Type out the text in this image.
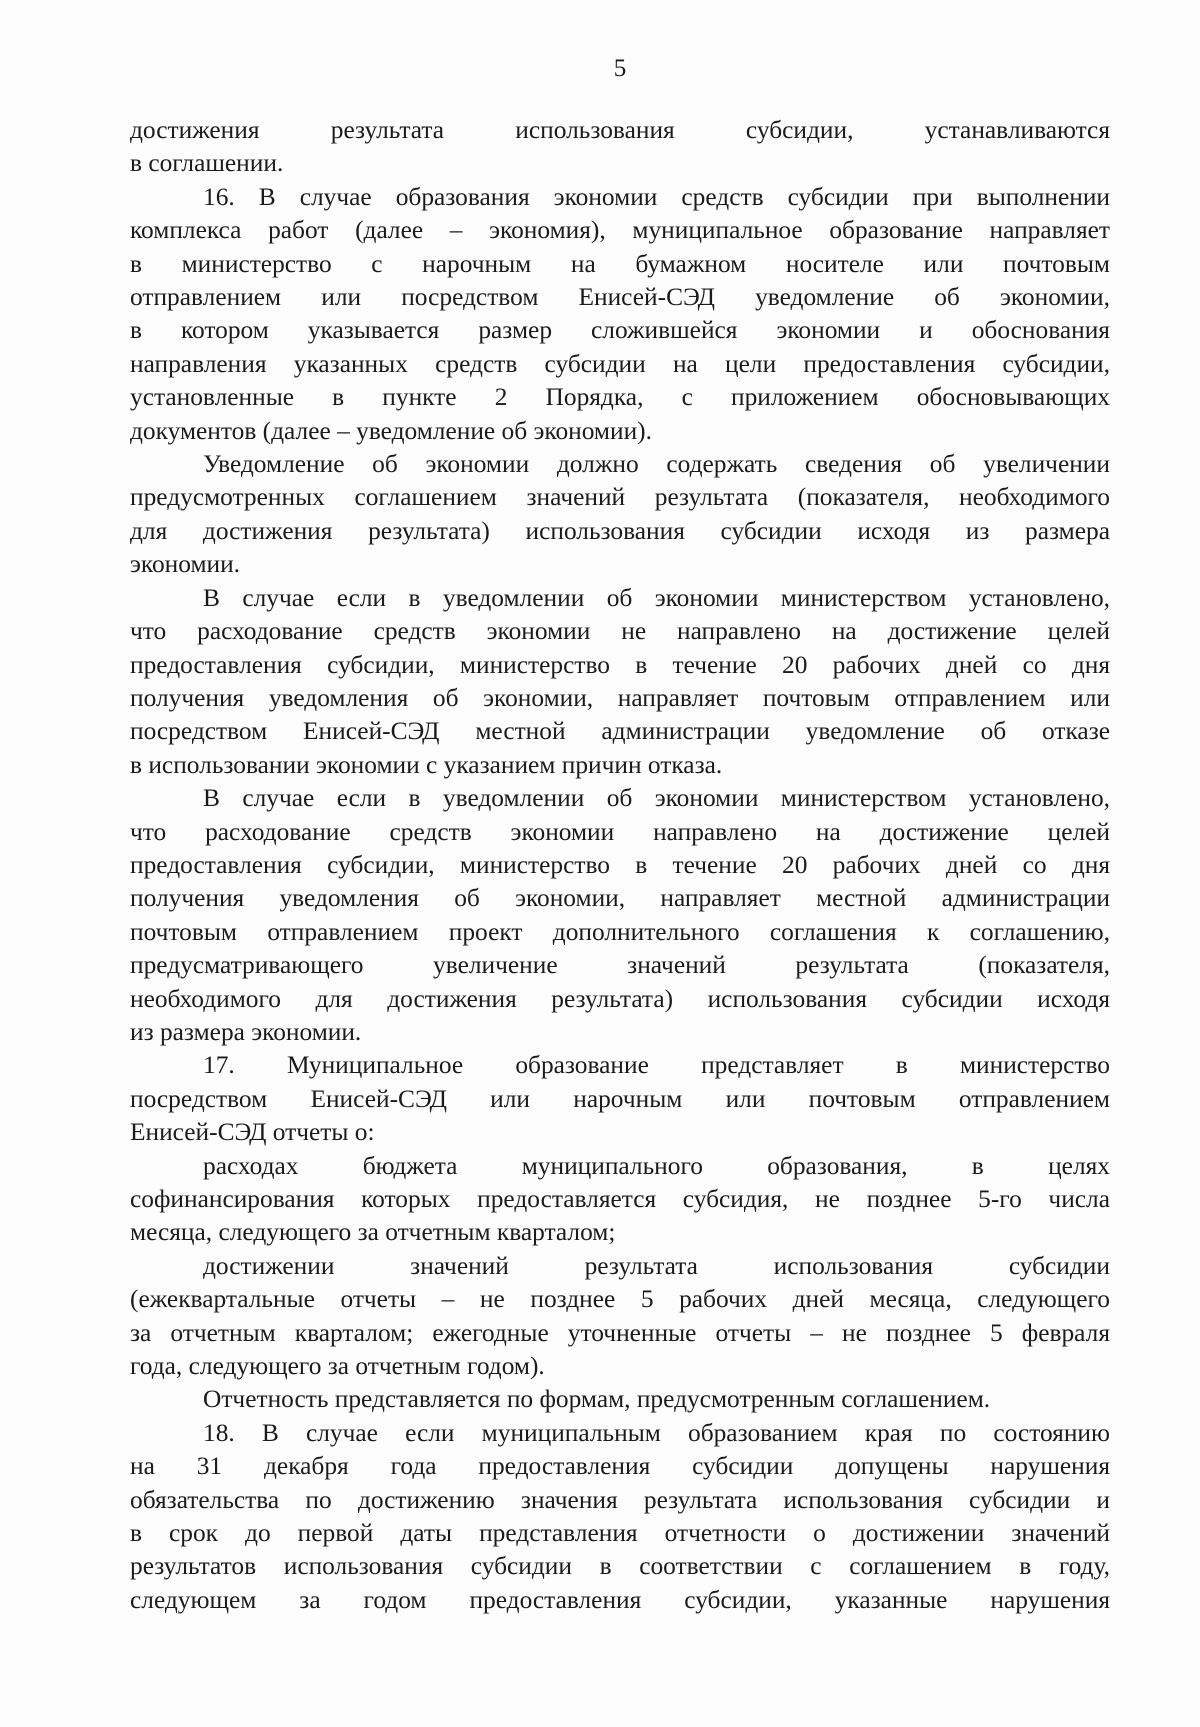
5
достижения результата использования субсидии, устанавливаются
в соглашении.
16. В случае образования экономии средств субсидии при выполнении
комплекса работ (далее – экономия), муниципальное образование направляет
в министерство с нарочным на бумажном носителе или почтовым
отправлением или посредством Енисей-СЭД уведомление об экономии,
в котором указывается размер сложившейся экономии и обоснования
направления указанных средств субсидии на цели предоставления субсидии,
установленные в пункте 2 Порядка, с приложением обосновывающих
документов (далее – уведомление об экономии).
Уведомление об экономии должно содержать сведения об увеличении
предусмотренных соглашением значений результата (показателя, необходимого
для достижения результата) использования субсидии исходя из размера
экономии.
В случае если в уведомлении об экономии министерством установлено,
что расходование средств экономии не направлено на достижение целей
предоставления субсидии, министерство в течение 20 рабочих дней со дня
получения уведомления об экономии, направляет почтовым отправлением или
посредством Енисей-СЭД местной администрации уведомление об отказе
в использовании экономии с указанием причин отказа.
В случае если в уведомлении об экономии министерством установлено,
что расходование средств экономии направлено на достижение целей
предоставления субсидии, министерство в течение 20 рабочих дней со дня
получения уведомления об экономии, направляет местной администрации
почтовым отправлением проект дополнительного соглашения к соглашению,
предусматривающего увеличение значений результата (показателя,
необходимого для достижения результата) использования субсидии исходя
из размера экономии.
17. Муниципальное образование представляет в министерство
посредством Енисей-СЭД или нарочным или почтовым отправлением
Енисей-СЭД отчеты о:
расходах бюджета муниципального образования, в целях
софинансирования которых предоставляется субсидия, не позднее 5-го числа
месяца, следующего за отчетным кварталом;
достижении значений результата использования субсидии
(ежеквартальные отчеты – не позднее 5 рабочих дней месяца, следующего
за отчетным кварталом; ежегодные уточненные отчеты – не позднее 5 февраля
года, следующего за отчетным годом).
Отчетность представляется по формам, предусмотренным соглашением.
18. В случае если муниципальным образованием края по состоянию
на 31 декабря года предоставления субсидии допущены нарушения
обязательства по достижению значения результата использования субсидии и
в срок до первой даты представления отчетности о достижении значений
результатов использования субсидии в соответствии с соглашением в году,
следующем за годом предоставления субсидии, указанные нарушения
